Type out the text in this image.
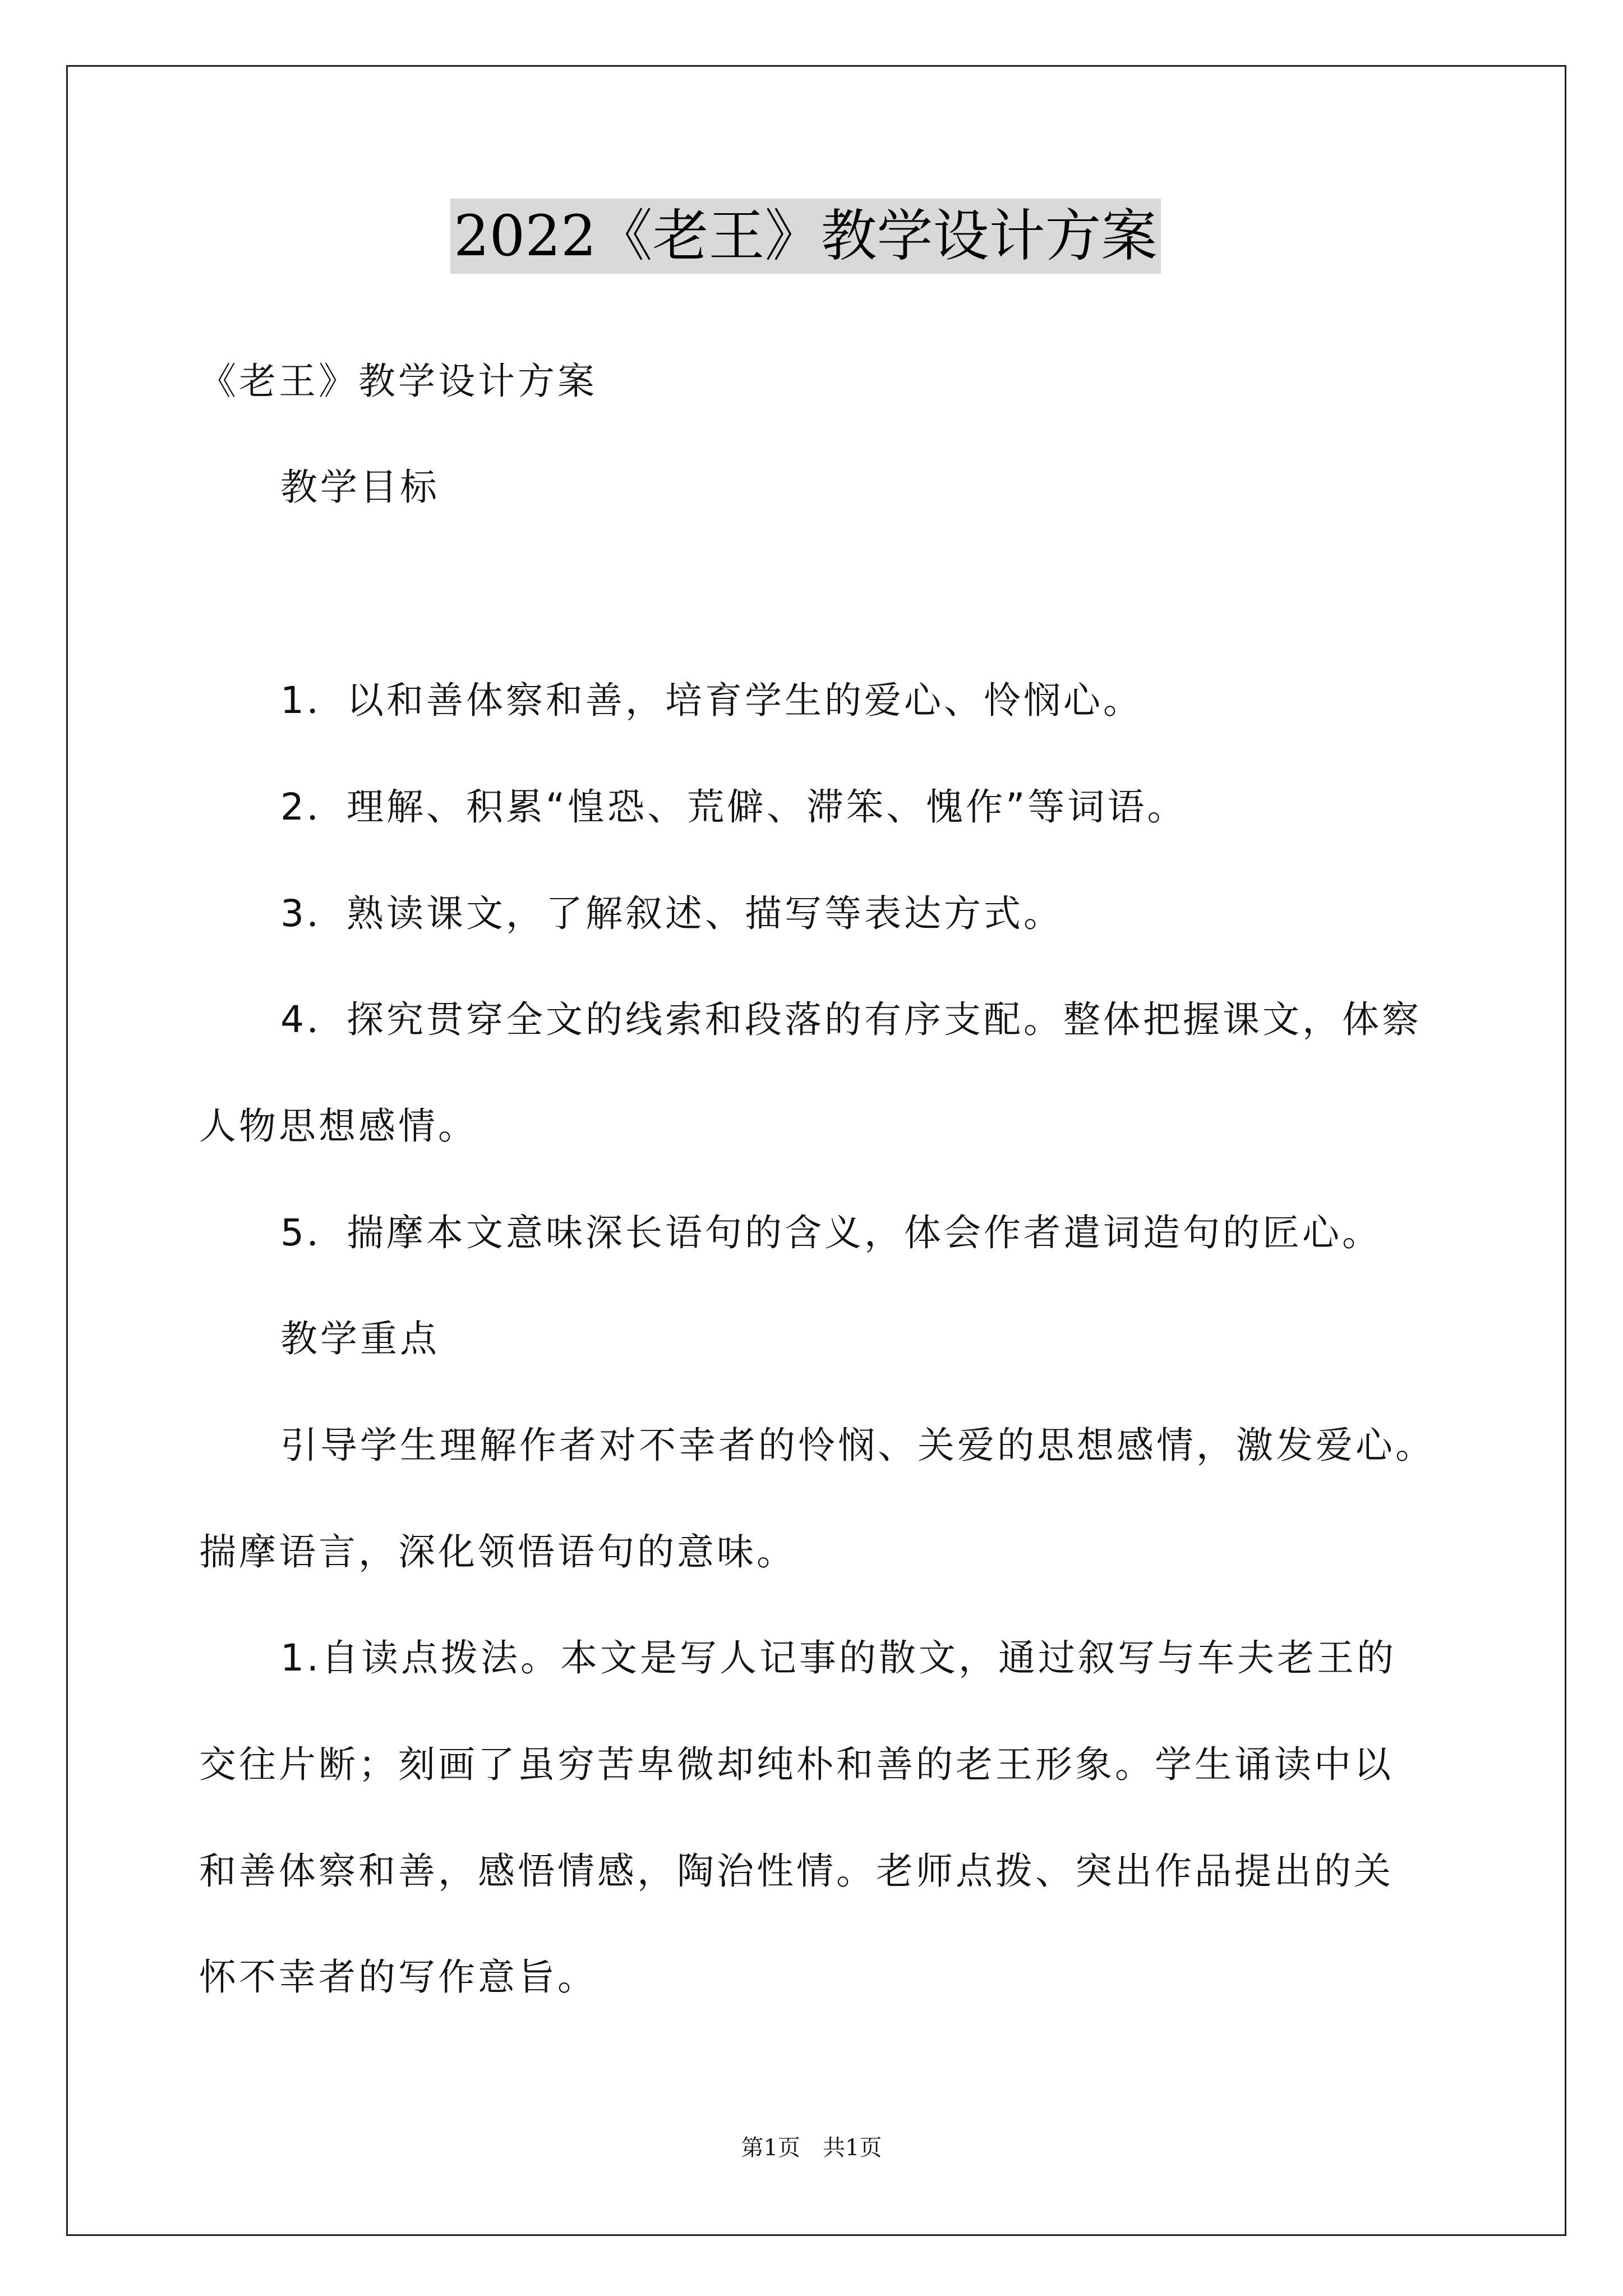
2022《老王》教学设计方案
《老王》教学设计方案
教学目标
1．以和善体察和善，培育学生的爱心、怜悯心。
2．理解、积累“惶恐、荒僻、滞笨、愧作”等词语。
3．熟读课文，了解叙述、描写等表达方式。
4．探究贯穿全文的线索和段落的有序支配。整体把握课文，体察
人物思想感情。
5．揣摩本文意味深长语句的含义，体会作者遣词造句的匠心。
教学重点
引导学生理解作者对不幸者的怜悯、关爱的思想感情，激发爱心。
揣摩语言，深化领悟语句的意味。
1.自读点拨法。本文是写人记事的散文，通过叙写与车夫老王的
交往片断；刻画了虽穷苦卑微却纯朴和善的老王形象。学生诵读中以
和善体察和善，感悟情感，陶治性情。老师点拨、突出作品提出的关
怀不幸者的写作意旨。
第1页　共1页
